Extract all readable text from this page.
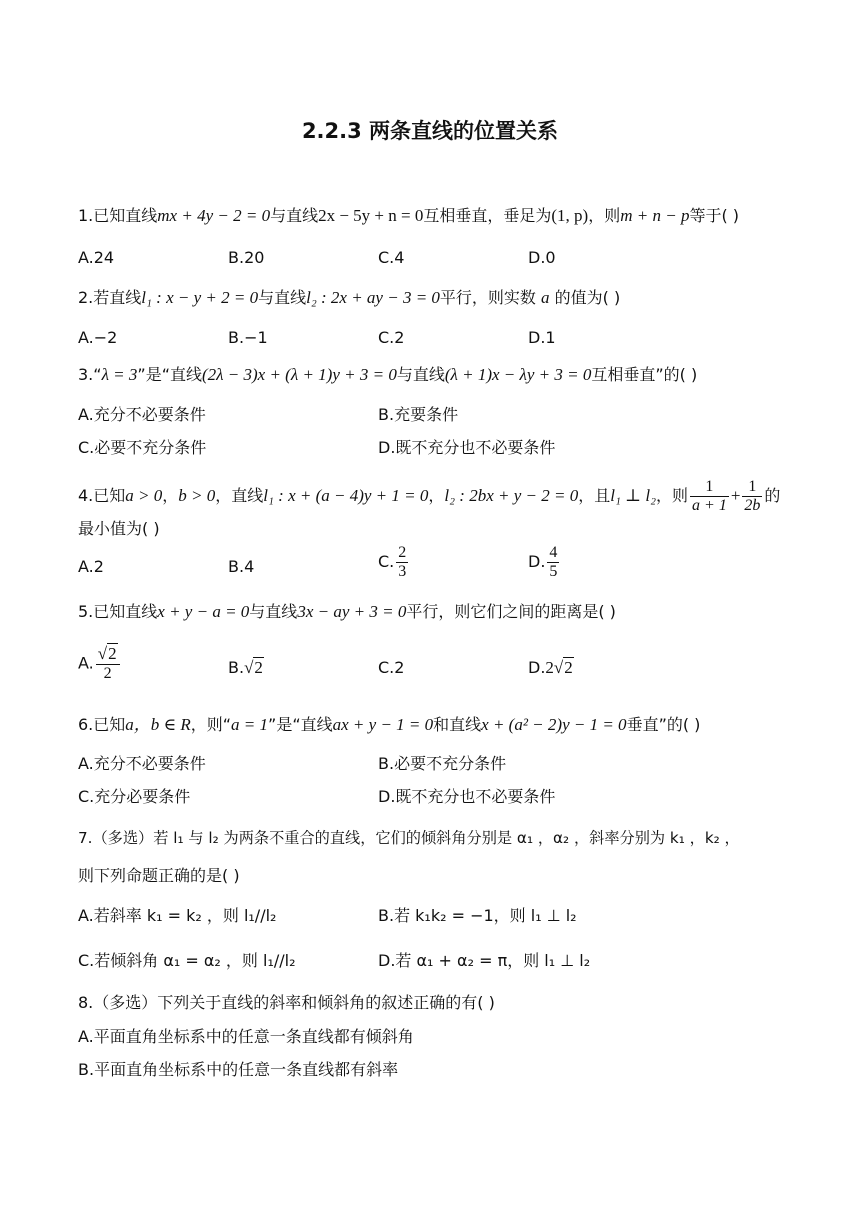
2.2.3 两条直线的位置关系
1.已知直线mx + 4y − 2 = 0与直线2x − 5y + n = 0互相垂直，垂足为(1, p)，则m + n − p等于( )
A.24	B.20	C.4	D.0
2.若直线l₁ : x − y + 2 = 0与直线l₂ : 2x + ay − 3 = 0平行，则实数 a 的值为( )
A.−2	B.−1	C.2	D.1
3.“λ = 3”是“直线(2λ − 3)x + (λ + 1)y + 3 = 0与直线(λ + 1)x − λy + 3 = 0互相垂直”的( )
A.充分不必要条件	B.充要条件
C.必要不充分条件	D.既不充分也不必要条件
4.已知a > 0，b > 0，直线l₁ : x + (a − 4)y + 1 = 0，l₂ : 2bx + y − 2 = 0，且l₁ ⊥ l₂，则 $\frac{1}{a + 1} + \frac{1}{2b}$ 的
最小值为( )
A.2	B.4	C. $\frac{2}{3}$	D. $\frac{4}{5}$
5.已知直线x + y − a = 0与直线3x − ay + 3 = 0平行，则它们之间的距离是( )
A. $\frac{√2}{2}$	B.√2	C.2	D.2√2
6.已知a，b ∈ R，则“a = 1”是“直线ax + y − 1 = 0和直线x + (a² − 2)y − 1 = 0垂直”的( )
A.充分不必要条件	B.必要不充分条件
C.充分必要条件	D.既不充分也不必要条件
7.（多选）若 l₁ 与 l₂ 为两条不重合的直线，它们的倾斜角分别是 α₁ ，α₂ ，斜率分别为 k₁ ，k₂ ，
则下列命题正确的是( )
A.若斜率 k₁ = k₂ ，则 l₁//l₂	B.若 k₁k₂ = −1，则 l₁ ⊥ l₂
C.若倾斜角 α₁ = α₂ ，则 l₁//l₂	D.若 α₁ + α₂ = π，则 l₁ ⊥ l₂
8.（多选）下列关于直线的斜率和倾斜角的叙述正确的有( )
A.平面直角坐标系中的任意一条直线都有倾斜角
B.平面直角坐标系中的任意一条直线都有斜率
